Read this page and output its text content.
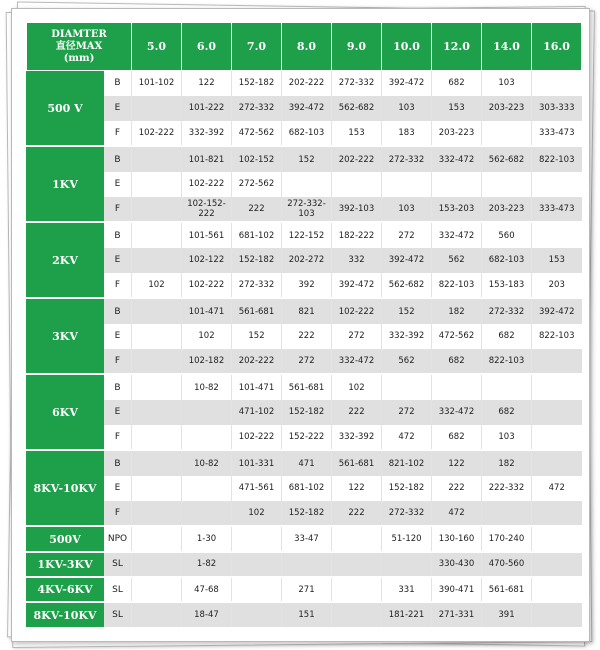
DIAMTER
直径MAX
(mm)		5.0	6.0	7.0	8.0	9.0	10.0	12.0	14.0	16.0
500 V	B	101-102	122	152-182	202-222	272-332	392-472	682	103	
	E		101-222	272-332	392-472	562-682	103	153	203-223	303-333
	F	102-222	332-392	472-562	682-103	153	183	203-223		333-473
1KV	B		101-821	102-152	152	202-222	272-332	332-472	562-682	822-103
	E		102-222	272-562						
	F		102-152-222	222	272-332-103	392-103	103	153-203	203-223	333-473
2KV	B		101-561	681-102	122-152	182-222	272	332-472	560	
	E		102-122	152-182	202-272	332	392-472	562	682-103	153
	F	102	102-222	272-332	392	392-472	562-682	822-103	153-183	203
3KV	B		101-471	561-681	821	102-222	152	182	272-332	392-472
	E		102	152	222	272	332-392	472-562	682	822-103
	F		102-182	202-222	272	332-472	562	682	822-103	
6KV	B		10-82	101-471	561-681	102				
	E			471-102	152-182	222	272	332-472	682	
	F			102-222	152-222	332-392	472	682	103	
8KV-10KV	B		10-82	101-331	471	561-681	821-102	122	182	
	E			471-561	681-102	122	152-182	222	222-332	472
	F			102	152-182	222	272-332	472		
500V	NPO		1-30		33-47		51-120	130-160	170-240	
1KV-3KV	SL		1-82					330-430	470-560	
4KV-6KV	SL		47-68		271		331	390-471	561-681	
8KV-10KV	SL		18-47		151		181-221	271-331	391	
